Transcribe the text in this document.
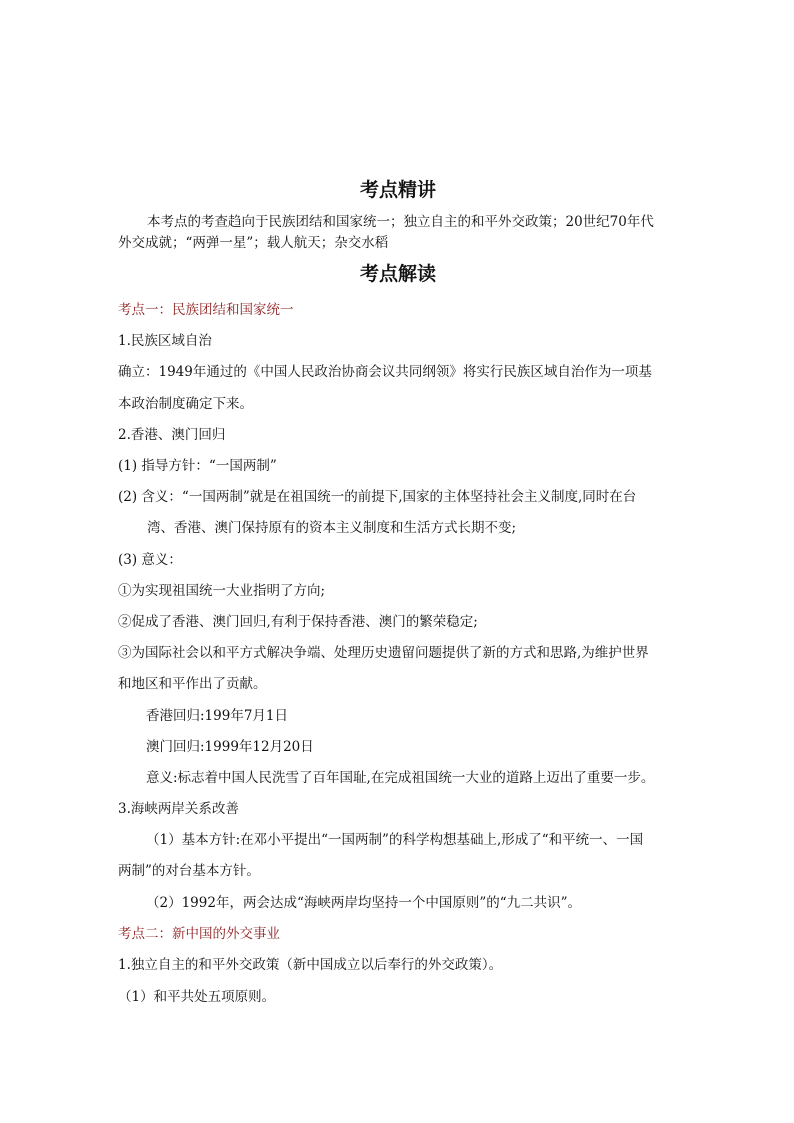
考点精讲
本考点的考查趋向于民族团结和国家统一；独立自主的和平外交政策；20世纪70年代
外交成就；“两弹一星”；载人航天；杂交水稻
考点解读
考点一：民族团结和国家统一
1.民族区域自治
确立：1949年通过的《中国人民政治协商会议共同纲领》将实行民族区域自治作为一项基
本政治制度确定下来。
2.香港、澳门回归
(1) 指导方针：“一国两制”
(2) 含义：“一国两制”就是在祖国统一的前提下,国家的主体坚持社会主义制度,同时在台
湾、香港、澳门保持原有的资本主义制度和生活方式长期不变;
(3) 意义：
①为实现祖国统一大业指明了方向;
②促成了香港、澳门回归,有利于保持香港、澳门的繁荣稳定;
③为国际社会以和平方式解决争端、处理历史遗留问题提供了新的方式和思路,为维护世界
和地区和平作出了贡献。
香港回归:199年7月1日
澳门回归:1999年12月20日
意义:标志着中国人民洗雪了百年国耻,在完成祖国统一大业的道路上迈出了重要一步。
3.海峡两岸关系改善
（1）基本方针:在邓小平提出“一国两制”的科学构想基础上,形成了“和平统一、一国
两制”的对台基本方针。
（2）1992年，两会达成“海峡两岸均坚持一个中国原则”的“九二共识”。
考点二：新中国的外交事业
1.独立自主的和平外交政策（新中国成立以后奉行的外交政策）。
（1）和平共处五项原则。
